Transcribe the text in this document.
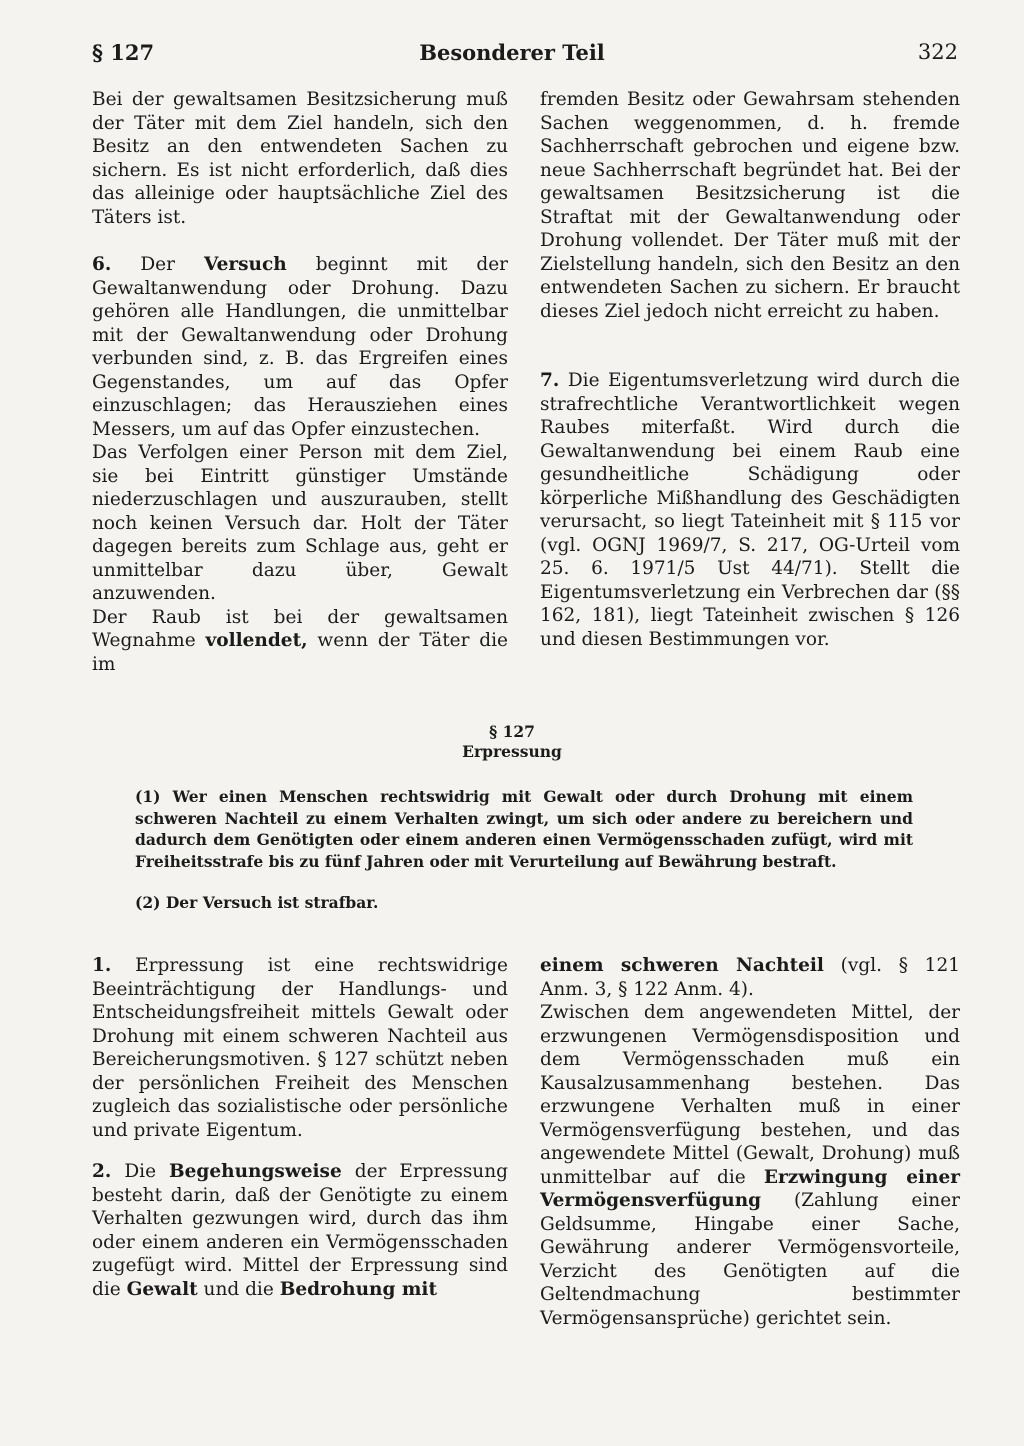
§ 127	Besonderer Teil	322

Bei der gewaltsamen Besitzsicherung muß der Täter mit dem Ziel handeln, sich den Besitz an den entwendeten Sachen zu sichern. Es ist nicht erforderlich, daß dies das alleinige oder hauptsächliche Ziel des Täters ist.

6. Der Versuch beginnt mit der Gewaltanwendung oder Drohung. Dazu gehören alle Handlungen, die unmittelbar mit der Gewaltanwendung oder Drohung verbunden sind, z. B. das Ergreifen eines Gegenstandes, um auf das Opfer einzuschlagen; das Herausziehen eines Messers, um auf das Opfer einzustechen.

Das Verfolgen einer Person mit dem Ziel, sie bei Eintritt günstiger Umstände niederzuschlagen und auszurauben, stellt noch keinen Versuch dar. Holt der Täter dagegen bereits zum Schlage aus, geht er unmittelbar dazu über, Gewalt anzuwenden.

Der Raub ist bei der gewaltsamen Wegnahme vollendet, wenn der Täter die im

fremden Besitz oder Gewahrsam stehenden Sachen weggenommen, d. h. fremde Sachherrschaft gebrochen und eigene bzw. neue Sachherrschaft begründet hat. Bei der gewaltsamen Besitzsicherung ist die Straftat mit der Gewaltanwendung oder Drohung vollendet. Der Täter muß mit der Zielstellung handeln, sich den Besitz an den entwendeten Sachen zu sichern. Er braucht dieses Ziel jedoch nicht erreicht zu haben.

7. Die Eigentumsverletzung wird durch die strafrechtliche Verantwortlichkeit wegen Raubes miterfaßt. Wird durch die Gewaltanwendung bei einem Raub eine gesundheitliche Schädigung oder körperliche Mißhandlung des Geschädigten verursacht, so liegt Tateinheit mit § 115 vor (vgl. OGNJ 1969/7, S. 217, OG-Urteil vom 25. 6. 1971/5 Ust 44/71). Stellt die Eigentumsverletzung ein Verbrechen dar (§§ 162, 181), liegt Tateinheit zwischen § 126 und diesen Bestimmungen vor.

§ 127
Erpressung

(1) Wer einen Menschen rechtswidrig mit Gewalt oder durch Drohung mit einem schweren Nachteil zu einem Verhalten zwingt, um sich oder andere zu bereichern und dadurch dem Genötigten oder einem anderen einen Vermögensschaden zufügt, wird mit Freiheitsstrafe bis zu fünf Jahren oder mit Verurteilung auf Bewährung bestraft.

(2) Der Versuch ist strafbar.

1. Erpressung ist eine rechtswidrige Beeinträchtigung der Handlungs- und Entscheidungsfreiheit mittels Gewalt oder Drohung mit einem schweren Nachteil aus Bereicherungsmotiven. § 127 schützt neben der persönlichen Freiheit des Menschen zugleich das sozialistische oder persönliche und private Eigentum.

2. Die Begehungsweise der Erpressung besteht darin, daß der Genötigte zu einem Verhalten gezwungen wird, durch das ihm oder einem anderen ein Vermögensschaden zugefügt wird. Mittel der Erpressung sind die Gewalt und die Bedrohung mit

einem schweren Nachteil (vgl. § 121 Anm. 3, § 122 Anm. 4).

Zwischen dem angewendeten Mittel, der erzwungenen Vermögensdisposition und dem Vermögensschaden muß ein Kausalzusammenhang bestehen. Das erzwungene Verhalten muß in einer Vermögensverfügung bestehen, und das angewendete Mittel (Gewalt, Drohung) muß unmittelbar auf die Erzwingung einer Vermögensverfügung (Zahlung einer Geldsumme, Hingabe einer Sache, Gewährung anderer Vermögensvorteile, Verzicht des Genötigten auf die Geltendmachung bestimmter Vermögensansprüche) gerichtet sein.
